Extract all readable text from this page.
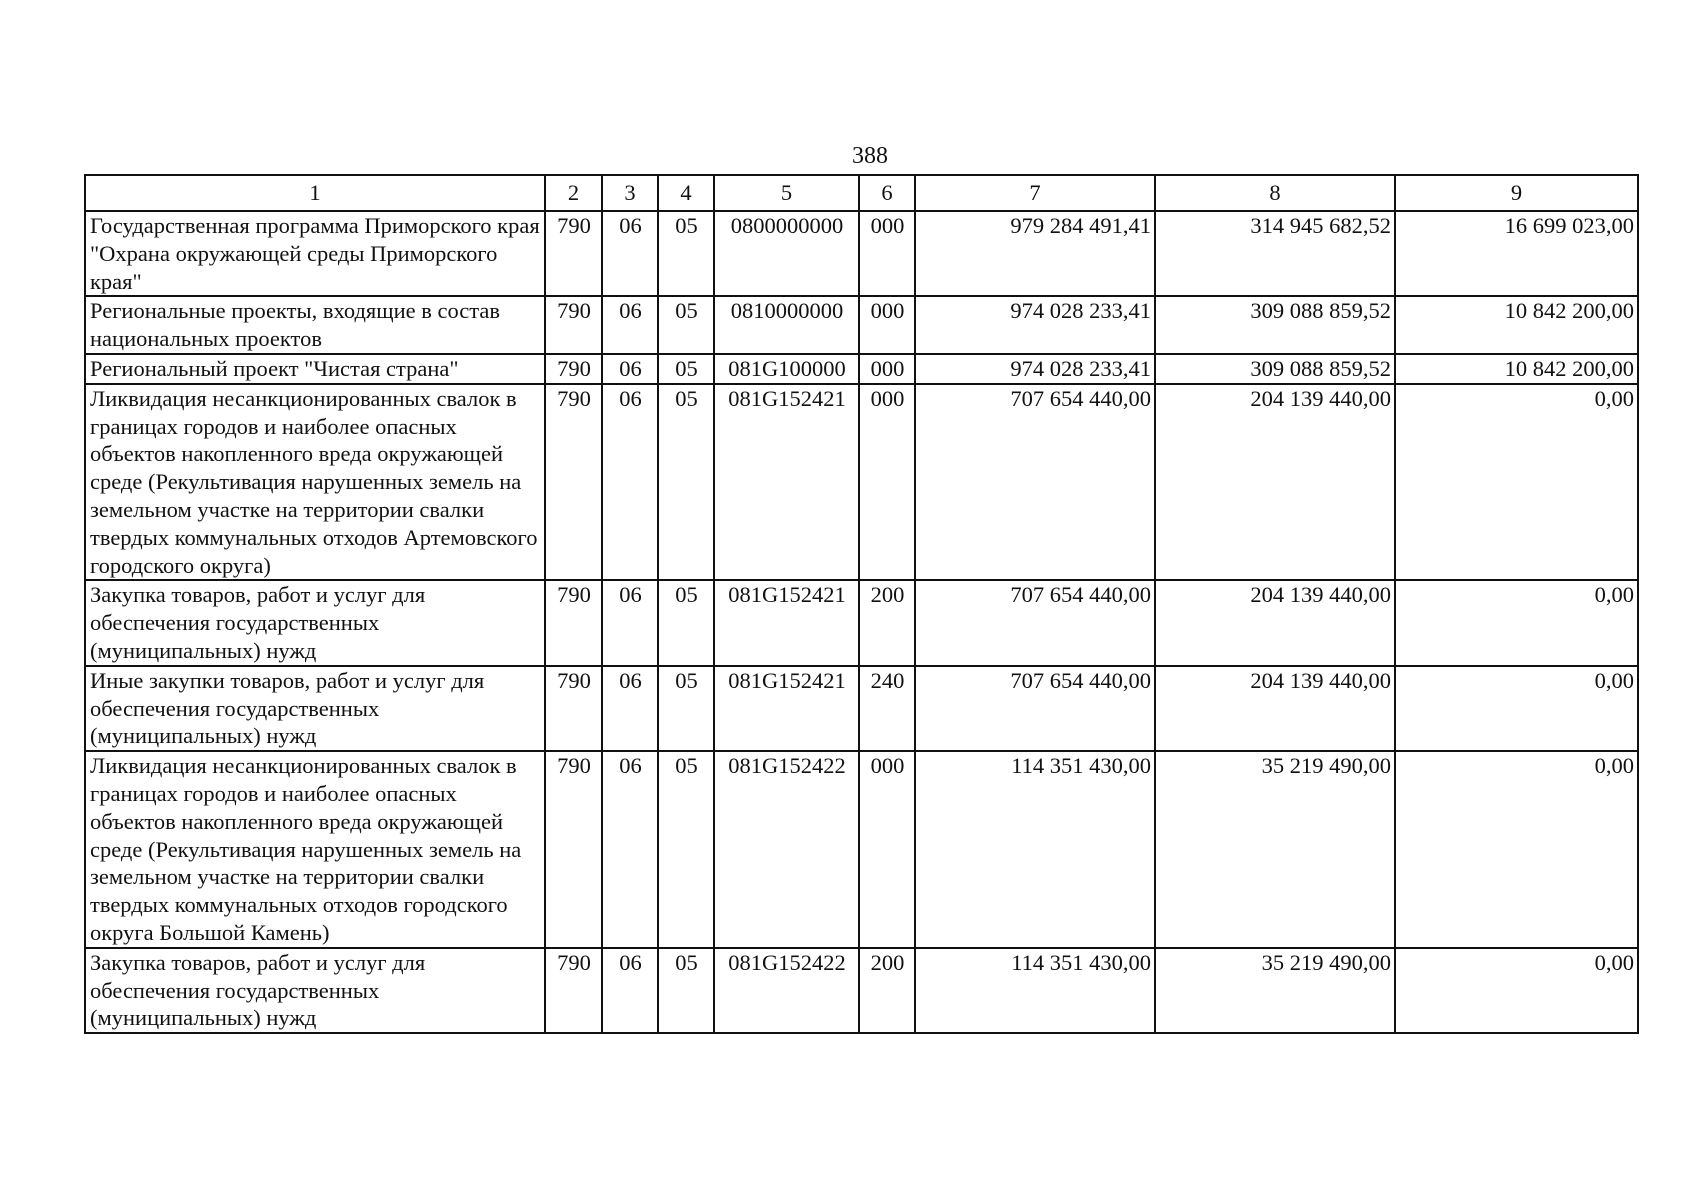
388
1	2	3	4	5	6	7	8	9
Государственная программа Приморского края "Охрана окружающей среды Приморского края"	790	06	05	0800000000	000	979 284 491,41	314 945 682,52	16 699 023,00
Региональные проекты, входящие в состав национальных проектов	790	06	05	0810000000	000	974 028 233,41	309 088 859,52	10 842 200,00
Региональный проект "Чистая страна"	790	06	05	081G100000	000	974 028 233,41	309 088 859,52	10 842 200,00
Ликвидация несанкционированных свалок в границах городов и наиболее опасных объектов накопленного вреда окружающей среде (Рекультивация нарушенных земель на земельном участке на территории свалки твердых коммунальных отходов Артемовского городского округа)	790	06	05	081G152421	000	707 654 440,00	204 139 440,00	0,00
Закупка товаров, работ и услуг для обеспечения государственных (муниципальных) нужд	790	06	05	081G152421	200	707 654 440,00	204 139 440,00	0,00
Иные закупки товаров, работ и услуг для обеспечения государственных (муниципальных) нужд	790	06	05	081G152421	240	707 654 440,00	204 139 440,00	0,00
Ликвидация несанкционированных свалок в границах городов и наиболее опасных объектов накопленного вреда окружающей среде (Рекультивация нарушенных земель на земельном участке на территории свалки твердых коммунальных отходов городского округа Большой Камень)	790	06	05	081G152422	000	114 351 430,00	35 219 490,00	0,00
Закупка товаров, работ и услуг для обеспечения государственных (муниципальных) нужд	790	06	05	081G152422	200	114 351 430,00	35 219 490,00	0,00
